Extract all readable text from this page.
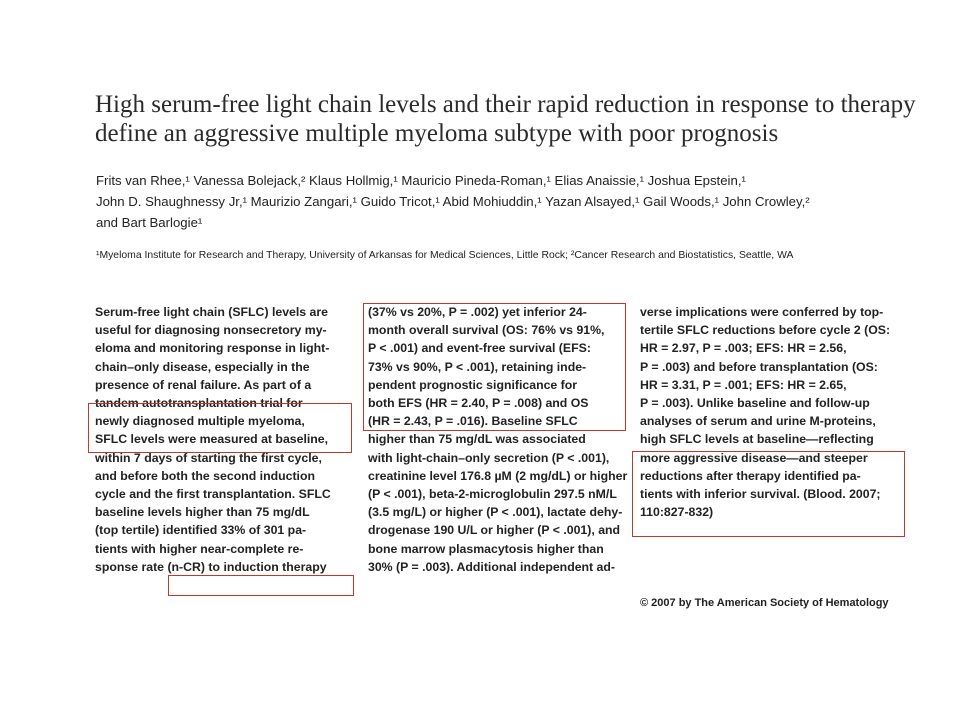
High serum-free light chain levels and their rapid reduction in response to therapy
define an aggressive multiple myeloma subtype with poor prognosis
Frits van Rhee,¹ Vanessa Bolejack,² Klaus Hollmig,¹ Mauricio Pineda-Roman,¹ Elias Anaissie,¹ Joshua Epstein,¹
John D. Shaughnessy Jr,¹ Maurizio Zangari,¹ Guido Tricot,¹ Abid Mohiuddin,¹ Yazan Alsayed,¹ Gail Woods,¹ John Crowley,²
and Bart Barlogie¹
¹Myeloma Institute for Research and Therapy, University of Arkansas for Medical Sciences, Little Rock; ²Cancer Research and Biostatistics, Seattle, WA
Serum-free light chain (SFLC) levels are
useful for diagnosing nonsecretory my-
eloma and monitoring response in light-
chain–only disease, especially in the
presence of renal failure. As part of a
tandem autotransplantation trial for
newly diagnosed multiple myeloma,
SFLC levels were measured at baseline,
within 7 days of starting the first cycle,
and before both the second induction
cycle and the first transplantation. SFLC
baseline levels higher than 75 mg/dL
(top tertile) identified 33% of 301 pa-
tients with higher near-complete re-
sponse rate (n-CR) to induction therapy
(37% vs 20%, P = .002) yet inferior 24-
month overall survival (OS: 76% vs 91%,
P < .001) and event-free survival (EFS:
73% vs 90%, P < .001), retaining inde-
pendent prognostic significance for
both EFS (HR = 2.40, P = .008) and OS
(HR = 2.43, P = .016). Baseline SFLC
higher than 75 mg/dL was associated
with light-chain–only secretion (P < .001),
creatinine level 176.8 µM (2 mg/dL) or higher
(P < .001), beta-2-microglobulin 297.5 nM/L
(3.5 mg/L) or higher (P < .001), lactate dehy-
drogenase 190 U/L or higher (P < .001), and
bone marrow plasmacytosis higher than
30% (P = .003). Additional independent ad-
verse implications were conferred by top-
tertile SFLC reductions before cycle 2 (OS:
HR = 2.97, P = .003; EFS: HR = 2.56,
P = .003) and before transplantation (OS:
HR = 3.31, P = .001; EFS: HR = 2.65,
P = .003). Unlike baseline and follow-up
analyses of serum and urine M-proteins,
high SFLC levels at baseline—reflecting
more aggressive disease—and steeper
reductions after therapy identified pa-
tients with inferior survival. (Blood. 2007;
110:827-832)
© 2007 by The American Society of Hematology
